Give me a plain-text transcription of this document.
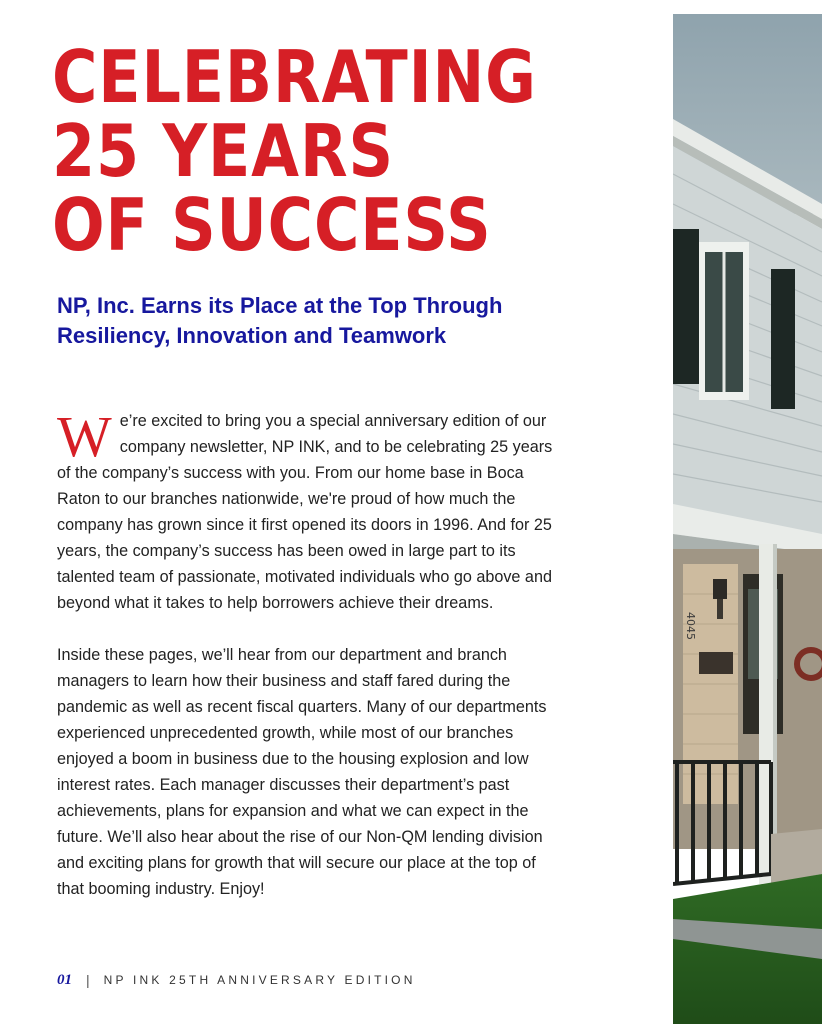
CELEBRATING
25 YEARS
OF SUCCESS
NP, Inc. Earns its Place at the Top Through Resiliency, Innovation and Teamwork

We’re excited to bring you a special anniversary edition of our company newsletter, NP INK, and to be celebrating 25 years of the company’s success with you. From our home base in Boca Raton to our branches nationwide, we're proud of how much the company has grown since it first opened its doors in 1996. And for 25 years, the company’s success has been owed in large part to its talented team of passionate, motivated individuals who go above and beyond what it takes to help borrowers achieve their dreams.

Inside these pages, we’ll hear from our department and branch managers to learn how their business and staff fared during the pandemic as well as recent fiscal quarters. Many of our departments experienced unprecedented growth, while most of our branches enjoyed a boom in business due to the housing explosion and low interest rates. Each manager discusses their department’s past achievements, plans for expansion and what we can expect in the future. We’ll also hear about the rise of our Non-QM lending division and exciting plans for growth that will secure our place at the top of that booming industry. Enjoy!

01 | NP INK 25TH ANNIVERSARY EDITION
4045
